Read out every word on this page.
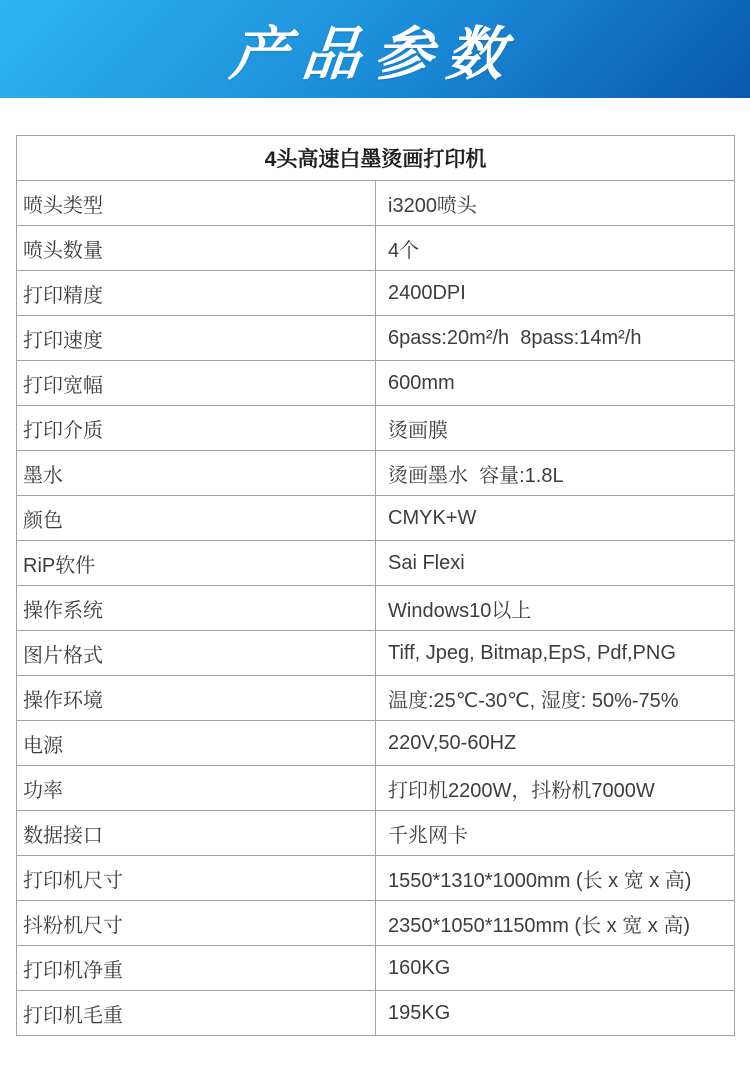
产品参数
4头高速白墨烫画打印机	
喷头类型	i3200喷头
喷头数量	4个
打印精度	2400DPI
打印速度	6pass:20m²/h  8pass:14m²/h
打印宽幅	600mm
打印介质	烫画膜
墨水	烫画墨水  容量:1.8L
颜色	CMYK+W
RiP软件	Sai Flexi
操作系统	Windows10以上
图片格式	Tiff, Jpeg, Bitmap,EpS, Pdf,PNG
操作环境	温度:25℃-30℃, 湿度: 50%-75%
电源	220V,50-60HZ
功率	打印机2200W，抖粉机7000W
数据接口	千兆网卡
打印机尺寸	1550*1310*1000mm (长 x 宽 x 高)
抖粉机尺寸	2350*1050*1150mm (长 x 宽 x 高)
打印机净重	160KG
打印机毛重	195KG
